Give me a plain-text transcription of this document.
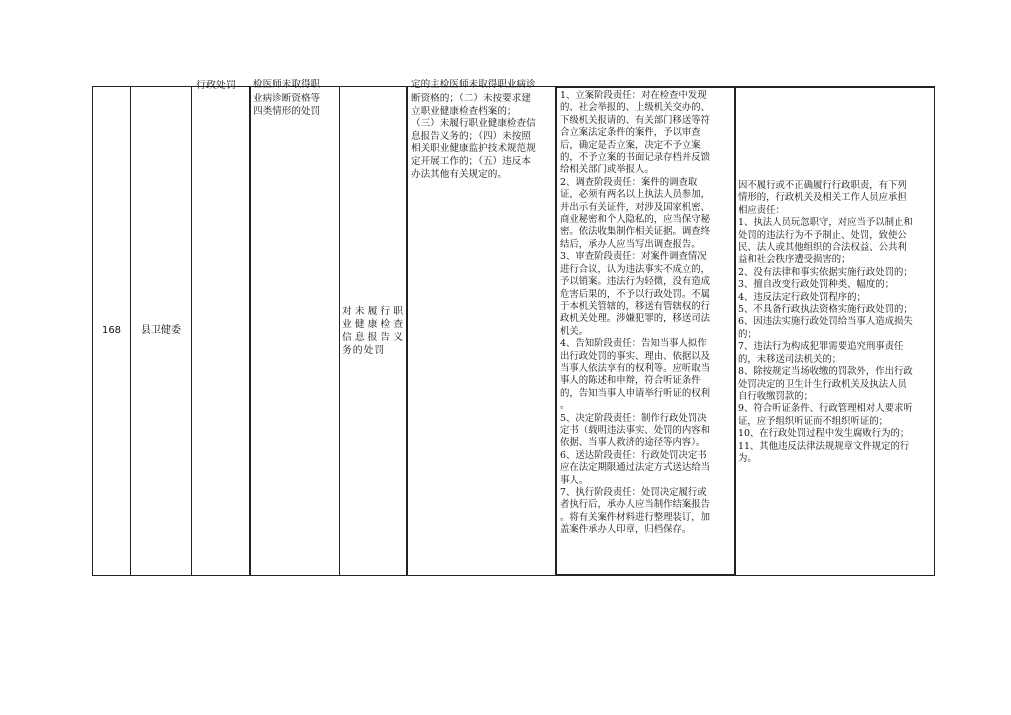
168	县卫健委
行政处罚	检医师未取得职
业病诊断资格等
四类情形的处罚
对未履行职业健康检查信息报告义务的处罚
定的主检医师未取得职业病诊
断资格的；（二）未按要求建
立职业健康检查档案的；
（三）未履行职业健康检查信
息报告义务的；（四）未按照
相关职业健康监护技术规范规
定开展工作的；（五）违反本
办法其他有关规定的。
1、立案阶段责任：对在检查中发现
的、社会举报的、上级机关交办的、
下级机关报请的、有关部门移送等符
合立案法定条件的案件，予以审查
后，确定是否立案，决定不予立案
的，不予立案的书面记录存档并反馈
给相关部门或举报人。
2、调查阶段责任：案件的调查取
证，必须有两名以上执法人员参加，
并出示有关证件，对涉及国家机密、
商业秘密和个人隐私的，应当保守秘
密。依法收集制作相关证据。调查终
结后，承办人应当写出调查报告。
3、审查阶段责任：对案件调查情况
进行合议，认为违法事实不成立的，
予以销案。违法行为轻微，没有造成
危害后果的，不予以行政处罚。不属
于本机关管辖的，移送有管辖权的行
政机关处理。涉嫌犯罪的，移送司法
机关。
4、告知阶段责任：告知当事人拟作
出行政处罚的事实、理由、依据以及
当事人依法享有的权利等。应听取当
事人的陈述和申辩，符合听证条件
的，告知当事人申请举行听证的权利
。
5、决定阶段责任：制作行政处罚决
定书（载明违法事实、处罚的内容和
依据、当事人救济的途径等内容）。
6、送达阶段责任：行政处罚决定书
应在法定期限通过法定方式送达给当
事人。
7、执行阶段责任：处罚决定履行或
者执行后，承办人应当制作结案报告
。将有关案件材料进行整理装订，加
盖案件承办人印章，归档保存。
因不履行或不正确履行行政职责，有下列
情形的，行政机关及相关工作人员应承担
相应责任：
1、执法人员玩忽职守，对应当予以制止和
处罚的违法行为不予制止、处罚，致使公
民、法人或其他组织的合法权益、公共利
益和社会秩序遭受损害的；
2、没有法律和事实依据实施行政处罚的；
3、擅自改变行政处罚种类、幅度的；
4、违反法定行政处罚程序的；
5、不具备行政执法资格实施行政处罚的；
6、因违法实施行政处罚给当事人造成损失
的；
7、违法行为构成犯罪需要追究刑事责任
的，未移送司法机关的；
8、除按规定当场收缴的罚款外，作出行政
处罚决定的卫生计生行政机关及执法人员
自行收缴罚款的；
9、符合听证条件、行政管理相对人要求听
证，应予组织听证而不组织听证的；
10、在行政处罚过程中发生腐败行为的；
11、其他违反法律法规规章文件规定的行
为。
